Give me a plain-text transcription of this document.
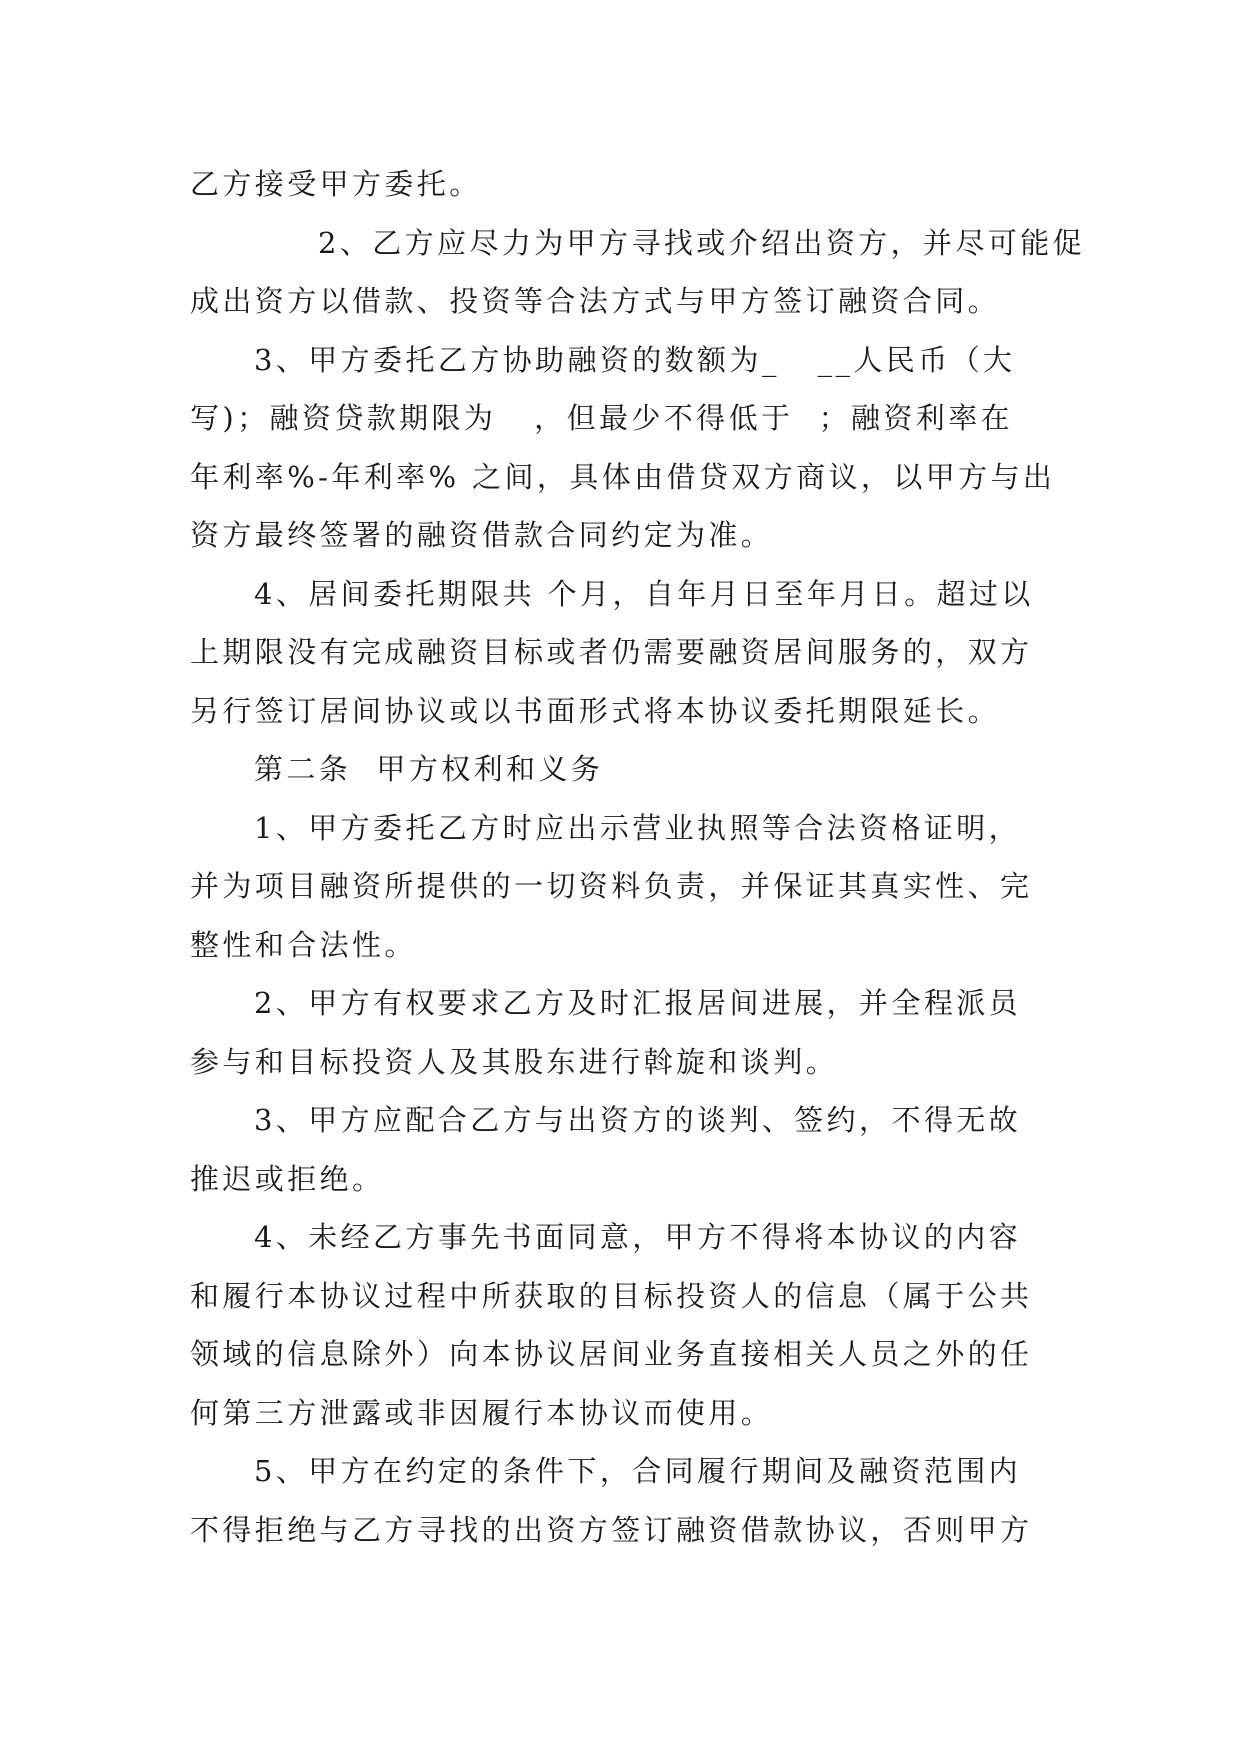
乙方接受甲方委托。

2、乙方应尽力为甲方寻找或介绍出资方，并尽可能促
成出资方以借款、投资等合法方式与甲方签订融资合同。

3、甲方委托乙方协助融资的数额为_   __人民币（大
写)；融资贷款期限为   ，但最少不得低于  ；融资利率在
年利率%-年利率% 之间，具体由借贷双方商议，以甲方与出
资方最终签署的融资借款合同约定为准。

4、居间委托期限共 个月，自年月日至年月日。超过以
上期限没有完成融资目标或者仍需要融资居间服务的，双方
另行签订居间协议或以书面形式将本协议委托期限延长。

第二条  甲方权利和义务

1、甲方委托乙方时应出示营业执照等合法资格证明，
并为项目融资所提供的一切资料负责，并保证其真实性、完
整性和合法性。

2、甲方有权要求乙方及时汇报居间进展，并全程派员
参与和目标投资人及其股东进行斡旋和谈判。

3、甲方应配合乙方与出资方的谈判、签约，不得无故
推迟或拒绝。

4、未经乙方事先书面同意，甲方不得将本协议的内容
和履行本协议过程中所获取的目标投资人的信息（属于公共
领域的信息除外）向本协议居间业务直接相关人员之外的任
何第三方泄露或非因履行本协议而使用。

5、甲方在约定的条件下，合同履行期间及融资范围内
不得拒绝与乙方寻找的出资方签订融资借款协议，否则甲方
